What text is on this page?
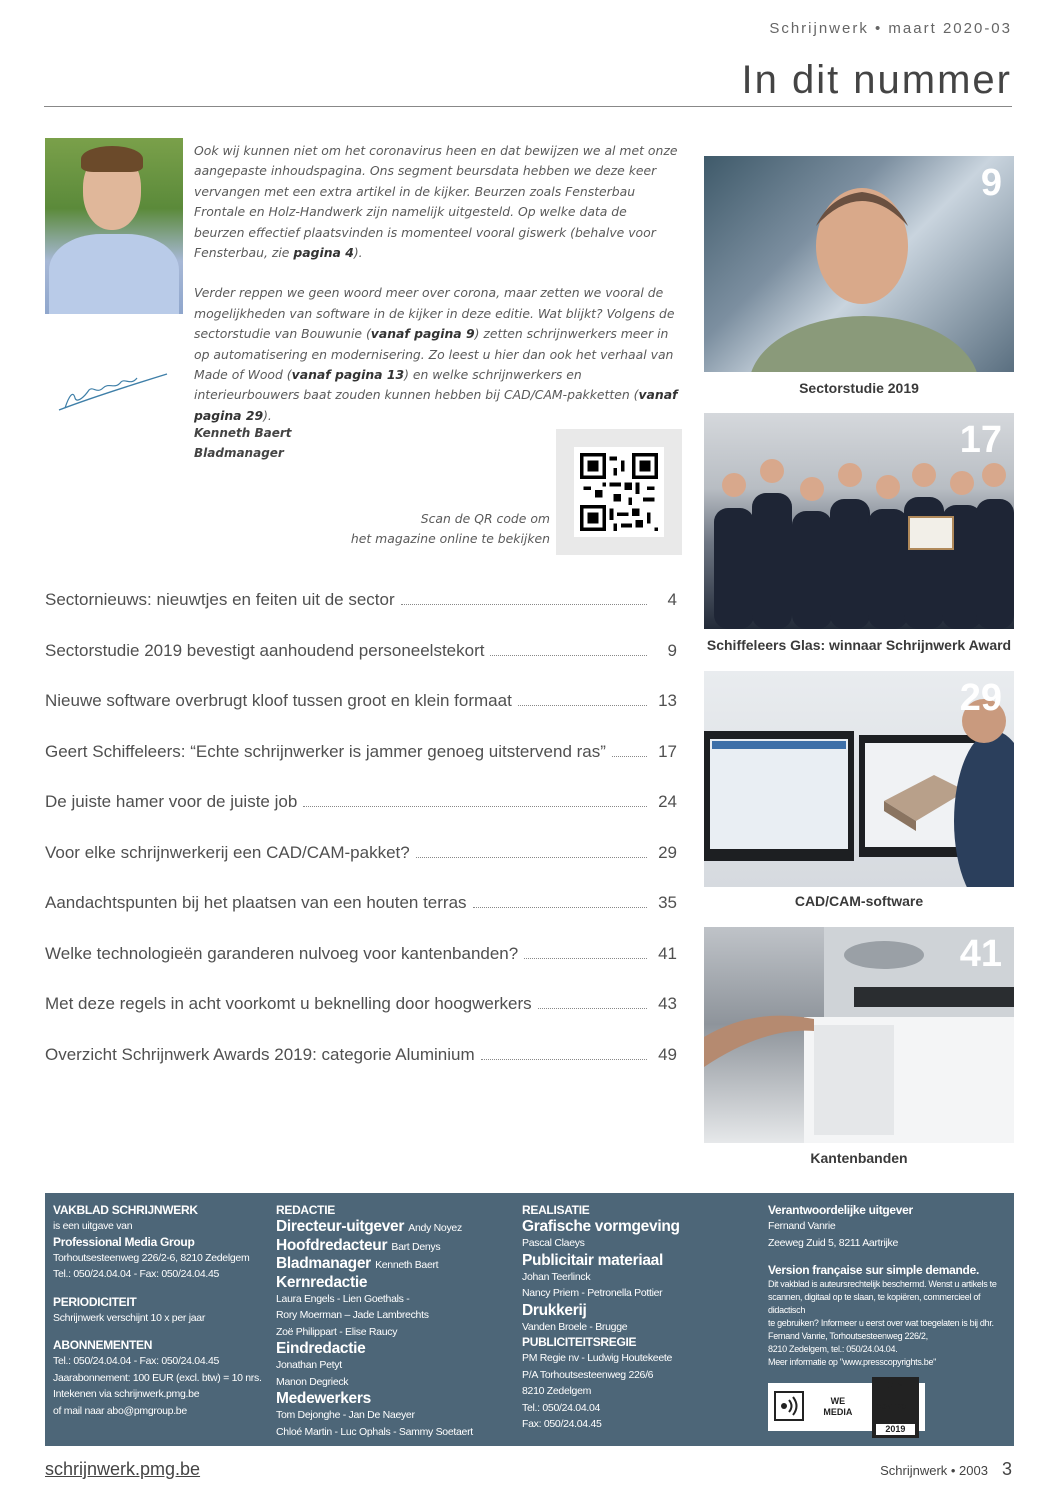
Schrijnwerk • maart 2020-03
In dit nummer

Ook wij kunnen niet om het coronavirus heen en dat bewijzen we al met onze aangepaste inhoudspagina. Ons segment beursdata hebben we deze keer vervangen met een extra artikel in de kijker. Beurzen zoals Fensterbau Frontale en Holz-Handwerk zijn namelijk uitgesteld. Op welke data de beurzen effectief plaatsvinden is momenteel vooral giswerk (behalve voor Fensterbau, zie pagina 4).

Verder reppen we geen woord meer over corona, maar zetten we vooral de mogelijkheden van software in de kijker in deze editie. Wat blijkt? Volgens de sectorstudie van Bouwunie (vanaf pagina 9) zetten schrijnwerkers meer in op automatisering en modernisering. Zo leest u hier dan ook het verhaal van Made of Wood (vanaf pagina 13) en welke schrijnwerkers en interieurbouwers baat zouden kunnen hebben bij CAD/CAM-pakketten (vanaf pagina 29).

Kenneth Baert
Bladmanager
Scan de QR code om
het magazine online te bekijken
Sectornieuws: nieuwtjes en feiten uit de sector	4
Sectorstudie 2019 bevestigt aanhoudend personeelstekort	9
Nieuwe software overbrugt kloof tussen groot en klein formaat	13
Geert Schiffeleers: “Echte schrijnwerker is jammer genoeg uitstervend ras”	17
De juiste hamer voor de juiste job	24
Voor elke schrijnwerkerij een CAD/CAM-pakket?	29
Aandachtspunten bij het plaatsen van een houten terras	35
Welke technologieën garanderen nulvoeg voor kantenbanden?	41
Met deze regels in acht voorkomt u beknelling door hoogwerkers	43
Overzicht Schrijnwerk Awards 2019: categorie Aluminium	49
9
Sectorstudie 2019
17
Schiffeleers Glas: winnaar Schrijnwerk Award
29
CAD/CAM-software
41
Kantenbanden
VAKBLAD SCHRIJNWERK
is een uitgave van
Professional Media Group
Torhoutsesteenweg 226/2-6, 8210 Zedelgem
Tel.: 050/24.04.04 - Fax: 050/24.04.45
PERIODICITEIT
Schrijnwerk verschijnt 10 x per jaar
ABONNEMENTEN
Tel.: 050/24.04.04 - Fax: 050/24.04.45
Jaarabonnement: 100 EUR (excl. btw) = 10 nrs.
Intekenen via schrijnwerk.pmg.be
of mail naar abo@pmgroup.be
REDACTIE
Directeur-uitgever Andy Noyez
Hoofdredacteur Bart Denys
Bladmanager Kenneth Baert
Kernredactie
Laura Engels - Lien Goethals -
Rory Moerman – Jade Lambrechts
Zoë Philippart - Elise Raucy
Eindredactie
Jonathan Petyt
Manon Degrieck
Medewerkers
Tom Dejonghe - Jan De Naeyer
Chloé Martin - Luc Ophals - Sammy Soetaert
REALISATIE
Grafische vormgeving
Pascal Claeys
Publicitair materiaal
Johan Teerlinck
Nancy Priem - Petronella Pottier
Drukkerij
Vanden Broele - Brugge
PUBLICITEITSREGIE
PM Regie nv - Ludwig Houtekeete
P/A Torhoutsesteenweg 226/6
8210 Zedelgem
Tel.: 050/24.04.04
Fax: 050/24.04.45
Verantwoordelijke uitgever
Fernand Vanrie
Zeeweg Zuid 5, 8211 Aartrijke
Version française sur simple demande.
Dit vakblad is auteursrechtelijk beschermd. Wenst u artikels te
scannen, digitaal op te slaan, te kopiëren, commercieel of didactisch
te gebruiken? Informeer u eerst over wat toegelaten is bij dhr.
Fernand Vanrie, Torhoutsesteenweg 226/2,
8210 Zedelgem, tel.: 050/24.04.04.
Meer informatie op "www.presscopyrights.be"
WE MEDIA
CIM

CONTROLE

2019
schrijnwerk.pmg.be	Schrijnwerk • 2003 3
